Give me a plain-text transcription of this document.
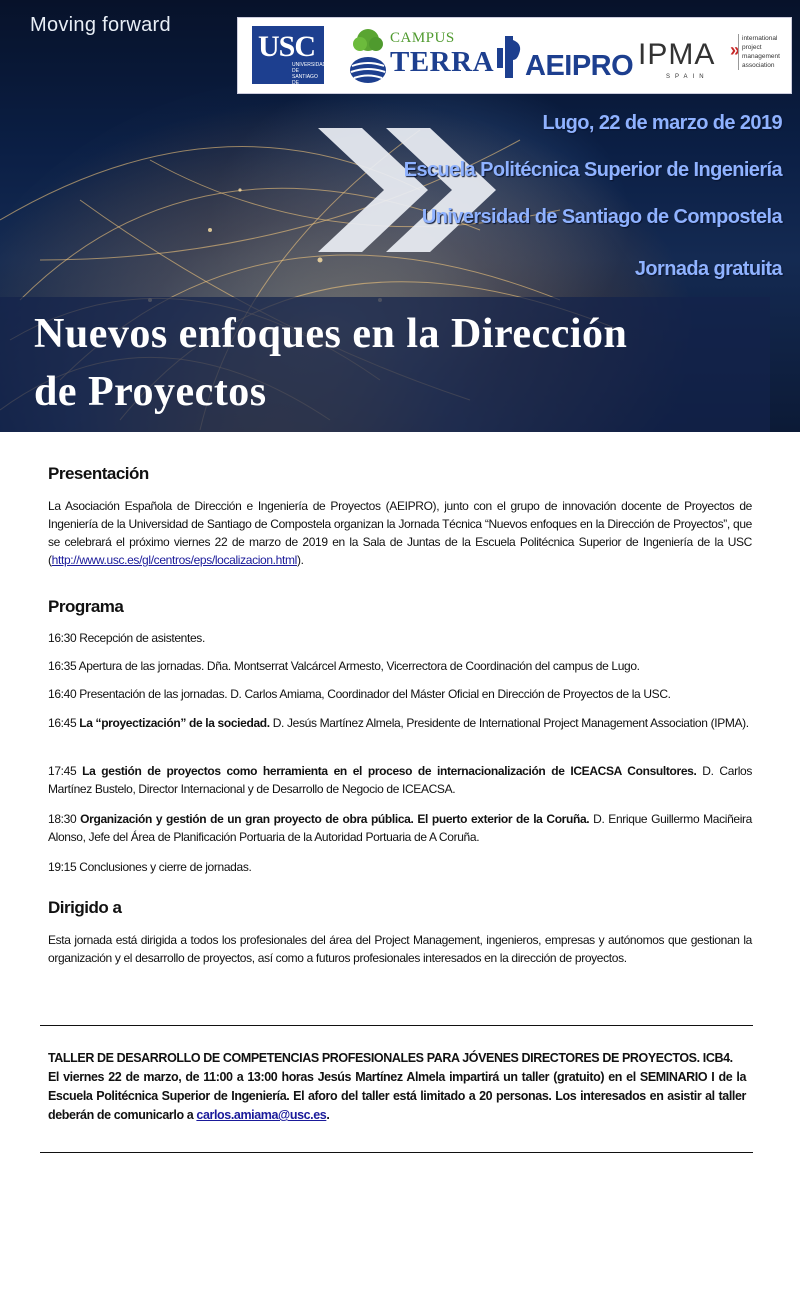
Moving forward
USC
UNIVERSIDADE DE SANTIAGO DE COMPOSTELA
CAMPUS
TERRA AEIPRO IPMA »
SPAIN
international project management association
Lugo, 22 de marzo de 2019
Escuela Politécnica Superior de Ingeniería
Universidad de Santiago de Compostela
Jornada gratuita
Nuevos enfoques en la Dirección de Proyectos
Presentación
La Asociación Española de Dirección e Ingeniería de Proyectos (AEIPRO), junto con el grupo de innovación docente de Proyectos de Ingeniería de la Universidad de Santiago de Compostela organizan la Jornada Técnica “Nuevos enfoques en la Dirección de Proyectos”, que se celebrará el próximo viernes 22 de marzo de 2019 en la Sala de Juntas de la Escuela Politécnica Superior de Ingeniería de la USC (http://www.usc.es/gl/centros/eps/localizacion.html).
Programa
16:30 Recepción de asistentes.
16:35 Apertura de las jornadas. Dña. Montserrat Valcárcel Armesto, Vicerrectora de Coordinación del campus de Lugo.
16:40 Presentación de las jornadas. D. Carlos Amiama, Coordinador del Máster Oficial en Dirección de Proyectos de la USC.
16:45 La “proyectización” de la sociedad. D. Jesús Martínez Almela, Presidente de International Project Management Association (IPMA).
17:45 La gestión de proyectos como herramienta en el proceso de internacionalización de ICEACSA Consultores. D. Carlos Martínez Bustelo, Director Internacional y de Desarrollo de Negocio de ICEACSA.
18:30 Organización y gestión de un gran proyecto de obra pública. El puerto exterior de la Coruña. D. Enrique Guillermo Maciñeira Alonso, Jefe del Área de Planificación Portuaria de la Autoridad Portuaria de A Coruña.
19:15 Conclusiones y cierre de jornadas.
Dirigido a
Esta jornada está dirigida a todos los profesionales del área del Project Management, ingenieros, empresas y autónomos que gestionan la organización y el desarrollo de proyectos, así como a futuros profesionales interesados en la dirección de proyectos.
TALLER DE DESARROLLO DE COMPETENCIAS PROFESIONALES PARA JÓVENES DIRECTORES DE PROYECTOS. ICB4.
El viernes 22 de marzo, de 11:00 a 13:00 horas Jesús Martínez Almela impartirá un taller (gratuito) en el SEMINARIO I de la Escuela Politécnica Superior de Ingeniería. El aforo del taller está limitado a 20 personas. Los interesados en asistir al taller deberán de comunicarlo a carlos.amiama@usc.es.
